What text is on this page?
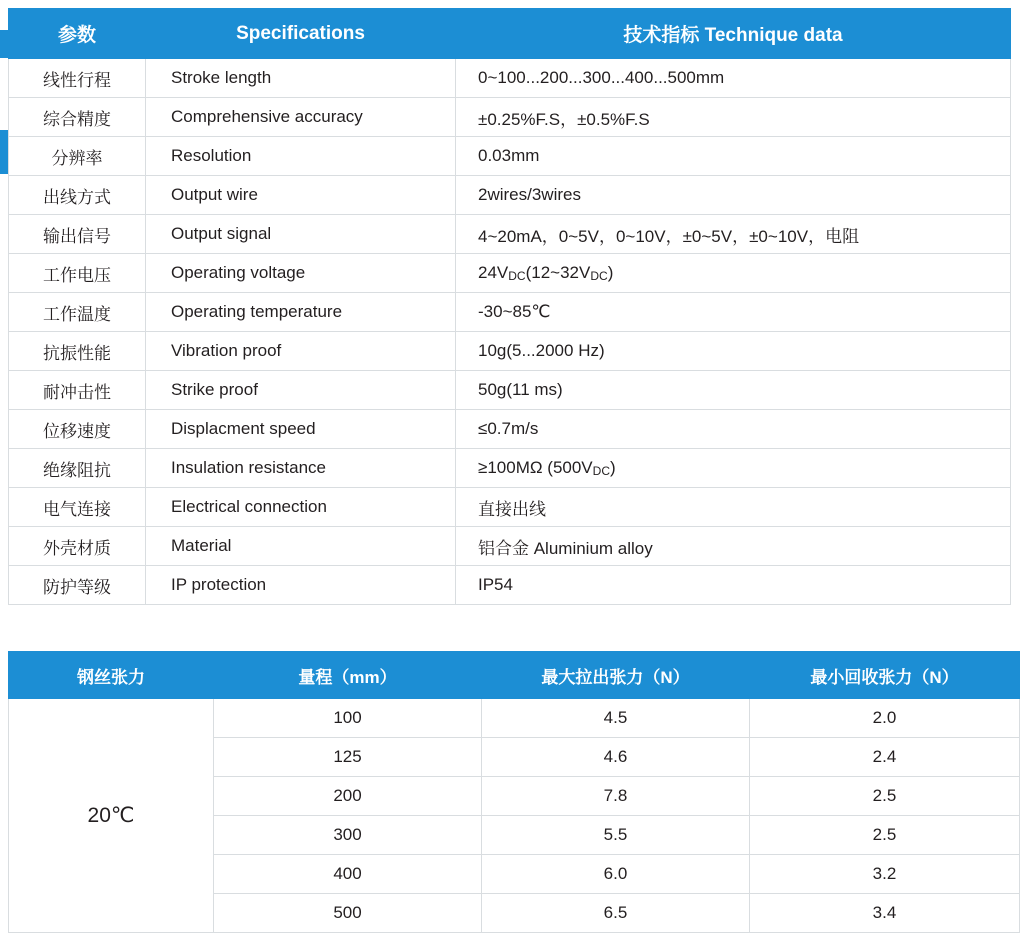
参数	Specifications	技术指标 Technique data
线性行程	Stroke length	0~100...200...300...400...500mm
综合精度	Comprehensive accuracy	±0.25%F.S，±0.5%F.S
分辨率	Resolution	0.03mm
出线方式	Output wire	2wires/3wires
输出信号	Output signal	4~20mA，0~5V，0~10V，±0~5V，±0~10V，电阻
工作电压	Operating voltage	24VDC(12~32VDC)
工作温度	Operating temperature	-30~85℃
抗振性能	Vibration proof	10g(5...2000 Hz)
耐冲击性	Strike proof	50g(11 ms)
位移速度	Displacment speed	≤0.7m/s
绝缘阻抗	Insulation resistance	≥100MΩ (500VDC)
电气连接	Electrical connection	直接出线
外壳材质	Material	铝合金 Aluminium alloy
防护等级	IP protection	IP54
钢丝张力	量程（mm）	最大拉出张力（N）	最小回收张力（N）
20℃	100	4.5	2.0
	125	4.6	2.4
	200	7.8	2.5
	300	5.5	2.5
	400	6.0	3.2
	500	6.5	3.4
